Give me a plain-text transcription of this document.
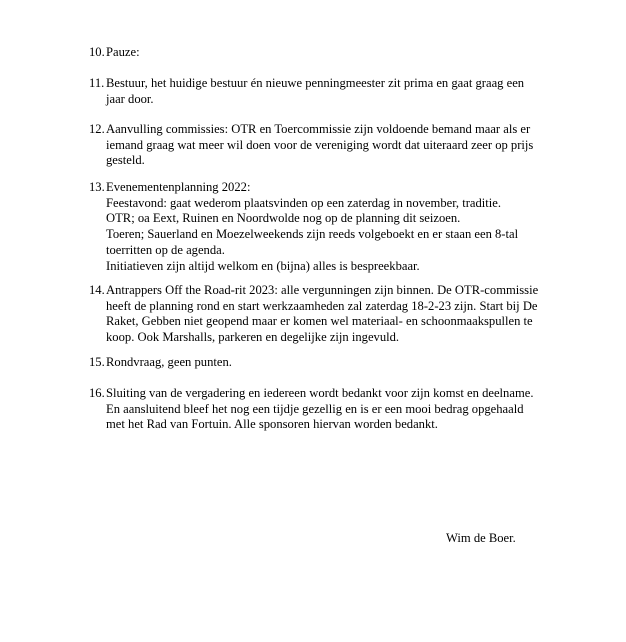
10. Pauze:
11. Bestuur, het huidige bestuur én nieuwe penningmeester zit prima en gaat graag een
jaar door.
12. Aanvulling commissies: OTR en Toercommissie zijn voldoende bemand maar als er
iemand graag wat meer wil doen voor de vereniging wordt dat uiteraard zeer op prijs
gesteld.
13. Evenementenplanning 2022:
Feestavond: gaat wederom plaatsvinden op een zaterdag in november, traditie.
OTR; oa Eext, Ruinen en Noordwolde nog op de planning dit seizoen.
Toeren; Sauerland en Moezelweekends zijn reeds volgeboekt en er staan een 8-tal
toerritten op de agenda.
Initiatieven zijn altijd welkom en (bijna) alles is bespreekbaar.
14. Antrappers Off the Road-rit 2023: alle vergunningen zijn binnen. De OTR-commissie
heeft de planning rond en start werkzaamheden zal zaterdag 18-2-23 zijn. Start bij De
Raket, Gebben niet geopend maar er komen wel materiaal- en schoonmaakspullen te
koop. Ook Marshalls, parkeren en degelijke zijn ingevuld.
15. Rondvraag, geen punten.
16. Sluiting van de vergadering en iedereen wordt bedankt voor zijn komst en deelname.
En aansluitend bleef het nog een tijdje gezellig en is er een mooi bedrag opgehaald
met het Rad van Fortuin. Alle sponsoren hiervan worden bedankt.
Wim de Boer.
